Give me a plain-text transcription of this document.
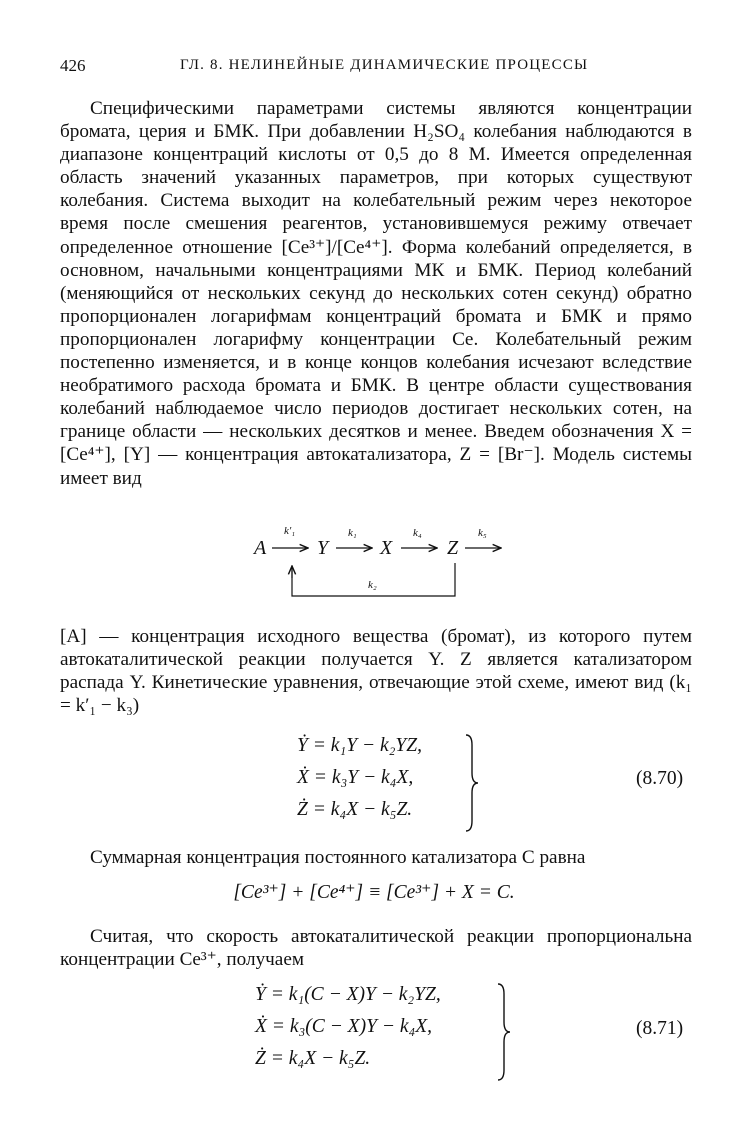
426	ГЛ. 8. НЕЛИНЕЙНЫЕ ДИНАМИЧЕСКИЕ ПРОЦЕССЫ
Специфическими параметрами системы являются концентрации бромата, церия и БМК. При добавлении H₂SO₄ колебания наблюдаются в диапазоне концентраций кислоты от 0,5 до 8 М. Имеется определенная область значений указанных параметров, при которых существуют колебания. Система выходит на колебательный режим через некоторое время после смешения реагентов, установившемуся режиму отвечает определенное отношение [Ce³⁺]/[Ce⁴⁺]. Форма колебаний определяется, в основном, начальными концентрациями МК и БМК. Период колебаний (меняющийся от нескольких секунд до нескольких сотен секунд) обратно пропорционален логарифмам концентраций бромата и БМК и прямо пропорционален логарифму концентрации Ce. Колебательный режим постепенно изменяется, и в конце концов колебания исчезают вследствие необратимого расхода бромата и БМК. В центре области существования колебаний наблюдаемое число периодов достигает нескольких сотен, на границе области — нескольких десятков и менее. Введем обозначения X = [Ce⁴⁺], [Y] — концентрация автокатализатора, Z = [Br⁻]. Модель системы имеет вид
A	Y	X	Z
k′₁	k₁	k₄	k₅
k₂
[A] — концентрация исходного вещества (бромат), из которого путем автокаталитической реакции получается Y. Z является катализатором распада Y. Кинетические уравнения, отвечающие этой схеме, имеют вид (k₁ = k′₁ − k₃)
Ẏ = k₁Y − k₂YZ,
Ẋ = k₃Y − k₄X,
Ż = k₄X − k₅Z.
(8.70)
Суммарная концентрация постоянного катализатора C равна
[Ce³⁺] + [Ce⁴⁺] ≡ [Ce³⁺] + X = C.
Считая, что скорость автокаталитической реакции пропорциональна концентрации Ce³⁺, получаем
Ẏ = k₁(C − X)Y − k₂YZ,
Ẋ = k₃(C − X)Y − k₄X,
Ż = k₄X − k₅Z.
(8.71)
